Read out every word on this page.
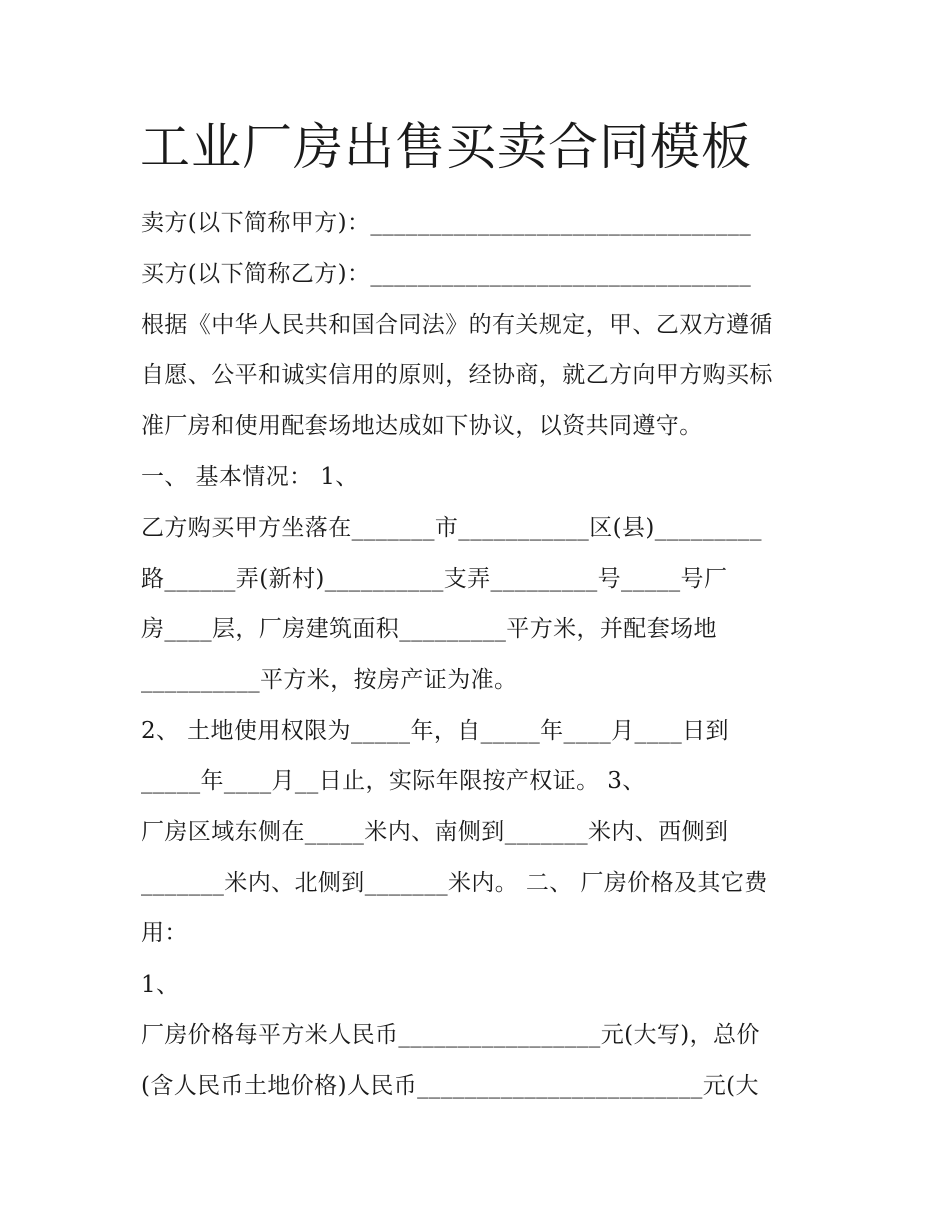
工业厂房出售买卖合同模板

卖方(以下简称甲方)：________________________________

买方(以下简称乙方)：________________________________

根据《中华人民共和国合同法》的有关规定，甲、乙双方遵循

自愿、公平和诚实信用的原则，经协商，就乙方向甲方购买标

准厂房和使用配套场地达成如下协议，以资共同遵守。

一、 基本情况： 1、

乙方购买甲方坐落在_______市___________区(县)_________

路______弄(新村)__________支弄_________号_____号厂

房____层，厂房建筑面积_________平方米，并配套场地

__________平方米，按房产证为准。

2、 土地使用权限为_____年，自_____年____月____日到

_____年____月__日止，实际年限按产权证。 3、

厂房区域东侧在_____米内、南侧到_______米内、西侧到

_______米内、北侧到_______米内。 二、 厂房价格及其它费

用：

1、

厂房价格每平方米人民币_________________元(大写)，总价

(含人民币土地价格)人民币________________________元(大
